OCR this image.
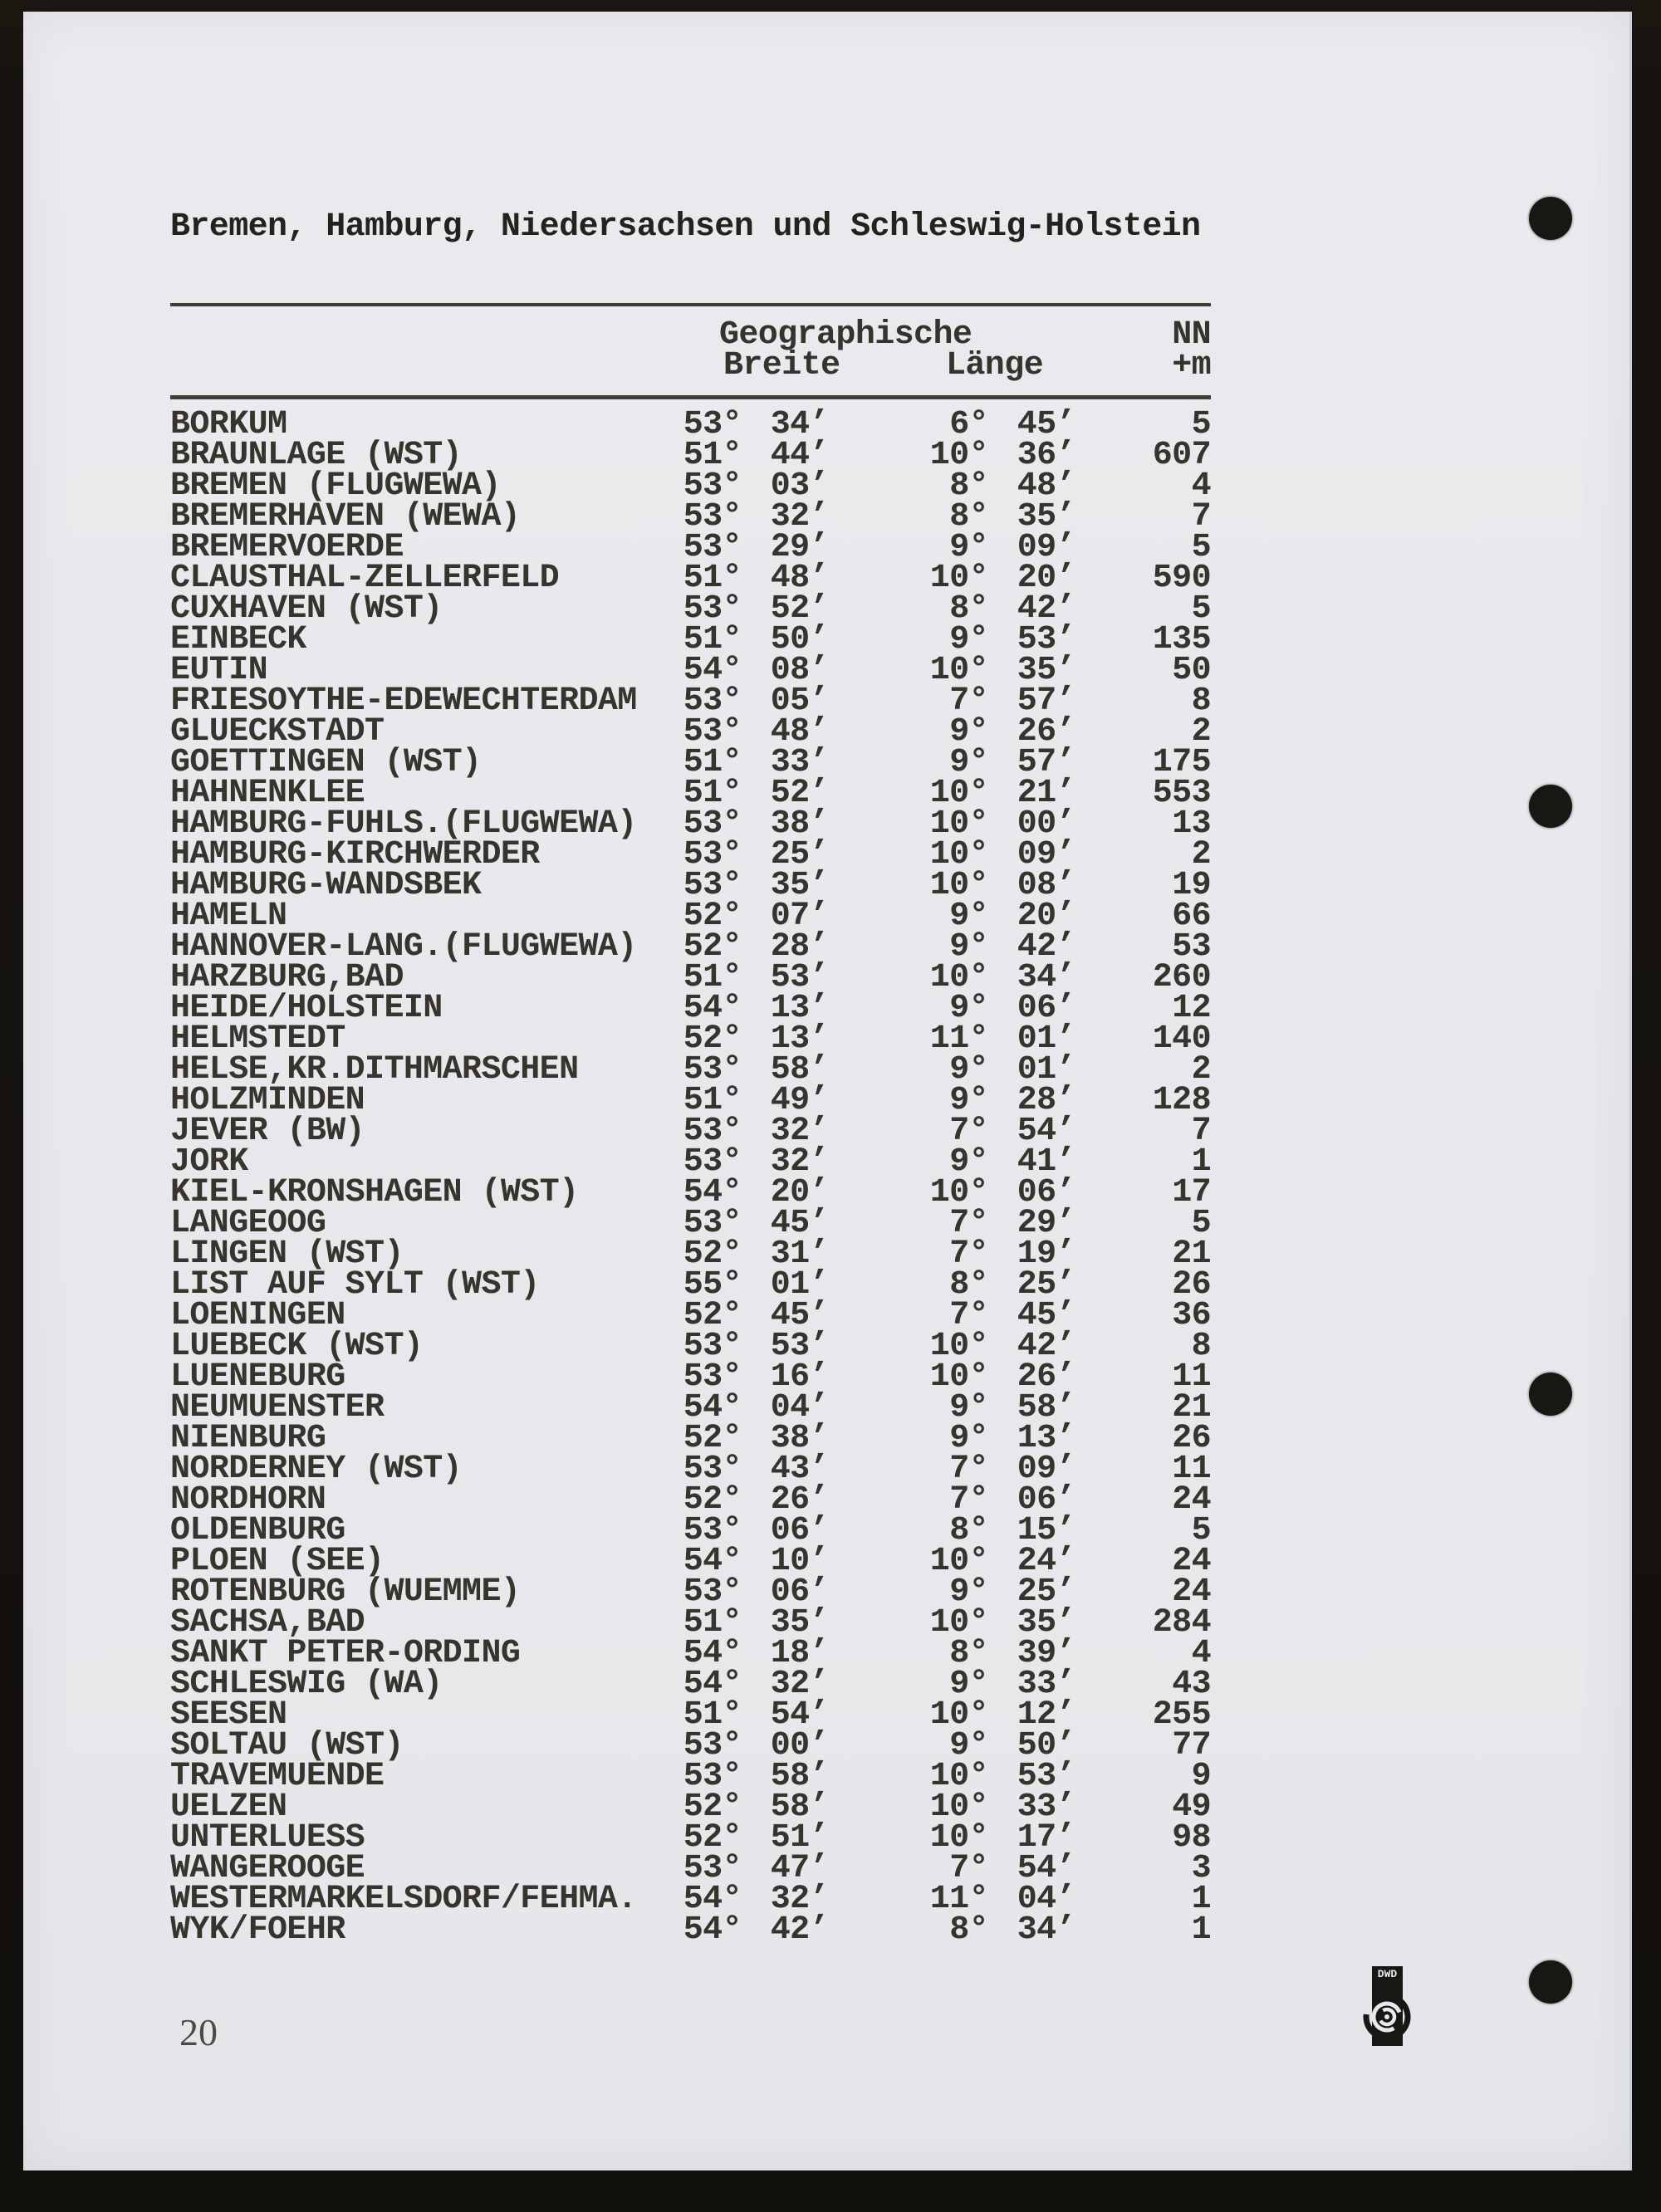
Bremen, Hamburg, Niedersachsen und Schleswig-Holstein
Geographische	NN
Breite	Länge	+m
BORKUM	53° 34’	6° 45’	5
BRAUNLAGE (WST)	51° 44’	10° 36’	607
BREMEN (FLUGWEWA)	53° 03’	8° 48’	4
BREMERHAVEN (WEWA)	53° 32’	8° 35’	7
BREMERVOERDE	53° 29’	9° 09’	5
CLAUSTHAL-ZELLERFELD	51° 48’	10° 20’	590
CUXHAVEN (WST)	53° 52’	8° 42’	5
EINBECK	51° 50’	9° 53’	135
EUTIN	54° 08’	10° 35’	50
FRIESOYTHE-EDEWECHTERDAM	53° 05’	7° 57’	8
GLUECKSTADT	53° 48’	9° 26’	2
GOETTINGEN (WST)	51° 33’	9° 57’	175
HAHNENKLEE	51° 52’	10° 21’	553
HAMBURG-FUHLS.(FLUGWEWA)	53° 38’	10° 00’	13
HAMBURG-KIRCHWERDER	53° 25’	10° 09’	2
HAMBURG-WANDSBEK	53° 35’	10° 08’	19
HAMELN	52° 07’	9° 20’	66
HANNOVER-LANG.(FLUGWEWA)	52° 28’	9° 42’	53
HARZBURG,BAD	51° 53’	10° 34’	260
HEIDE/HOLSTEIN	54° 13’	9° 06’	12
HELMSTEDT	52° 13’	11° 01’	140
HELSE,KR.DITHMARSCHEN	53° 58’	9° 01’	2
HOLZMINDEN	51° 49’	9° 28’	128
JEVER (BW)	53° 32’	7° 54’	7
JORK	53° 32’	9° 41’	1
KIEL-KRONSHAGEN (WST)	54° 20’	10° 06’	17
LANGEOOG	53° 45’	7° 29’	5
LINGEN (WST)	52° 31’	7° 19’	21
LIST AUF SYLT (WST)	55° 01’	8° 25’	26
LOENINGEN	52° 45’	7° 45’	36
LUEBECK (WST)	53° 53’	10° 42’	8
LUENEBURG	53° 16’	10° 26’	11
NEUMUENSTER	54° 04’	9° 58’	21
NIENBURG	52° 38’	9° 13’	26
NORDERNEY (WST)	53° 43’	7° 09’	11
NORDHORN	52° 26’	7° 06’	24
OLDENBURG	53° 06’	8° 15’	5
PLOEN (SEE)	54° 10’	10° 24’	24
ROTENBURG (WUEMME)	53° 06’	9° 25’	24
SACHSA,BAD	51° 35’	10° 35’	284
SANKT PETER-ORDING	54° 18’	8° 39’	4
SCHLESWIG (WA)	54° 32’	9° 33’	43
SEESEN	51° 54’	10° 12’	255
SOLTAU (WST)	53° 00’	9° 50’	77
TRAVEMUENDE	53° 58’	10° 53’	9
UELZEN	52° 58’	10° 33’	49
UNTERLUESS	52° 51’	10° 17’	98
WANGEROOGE	53° 47’	7° 54’	3
WESTERMARKELSDORF/FEHMA.	54° 32’	11° 04’	1
WYK/FOEHR	54° 42’	8° 34’	1
20
DWD
